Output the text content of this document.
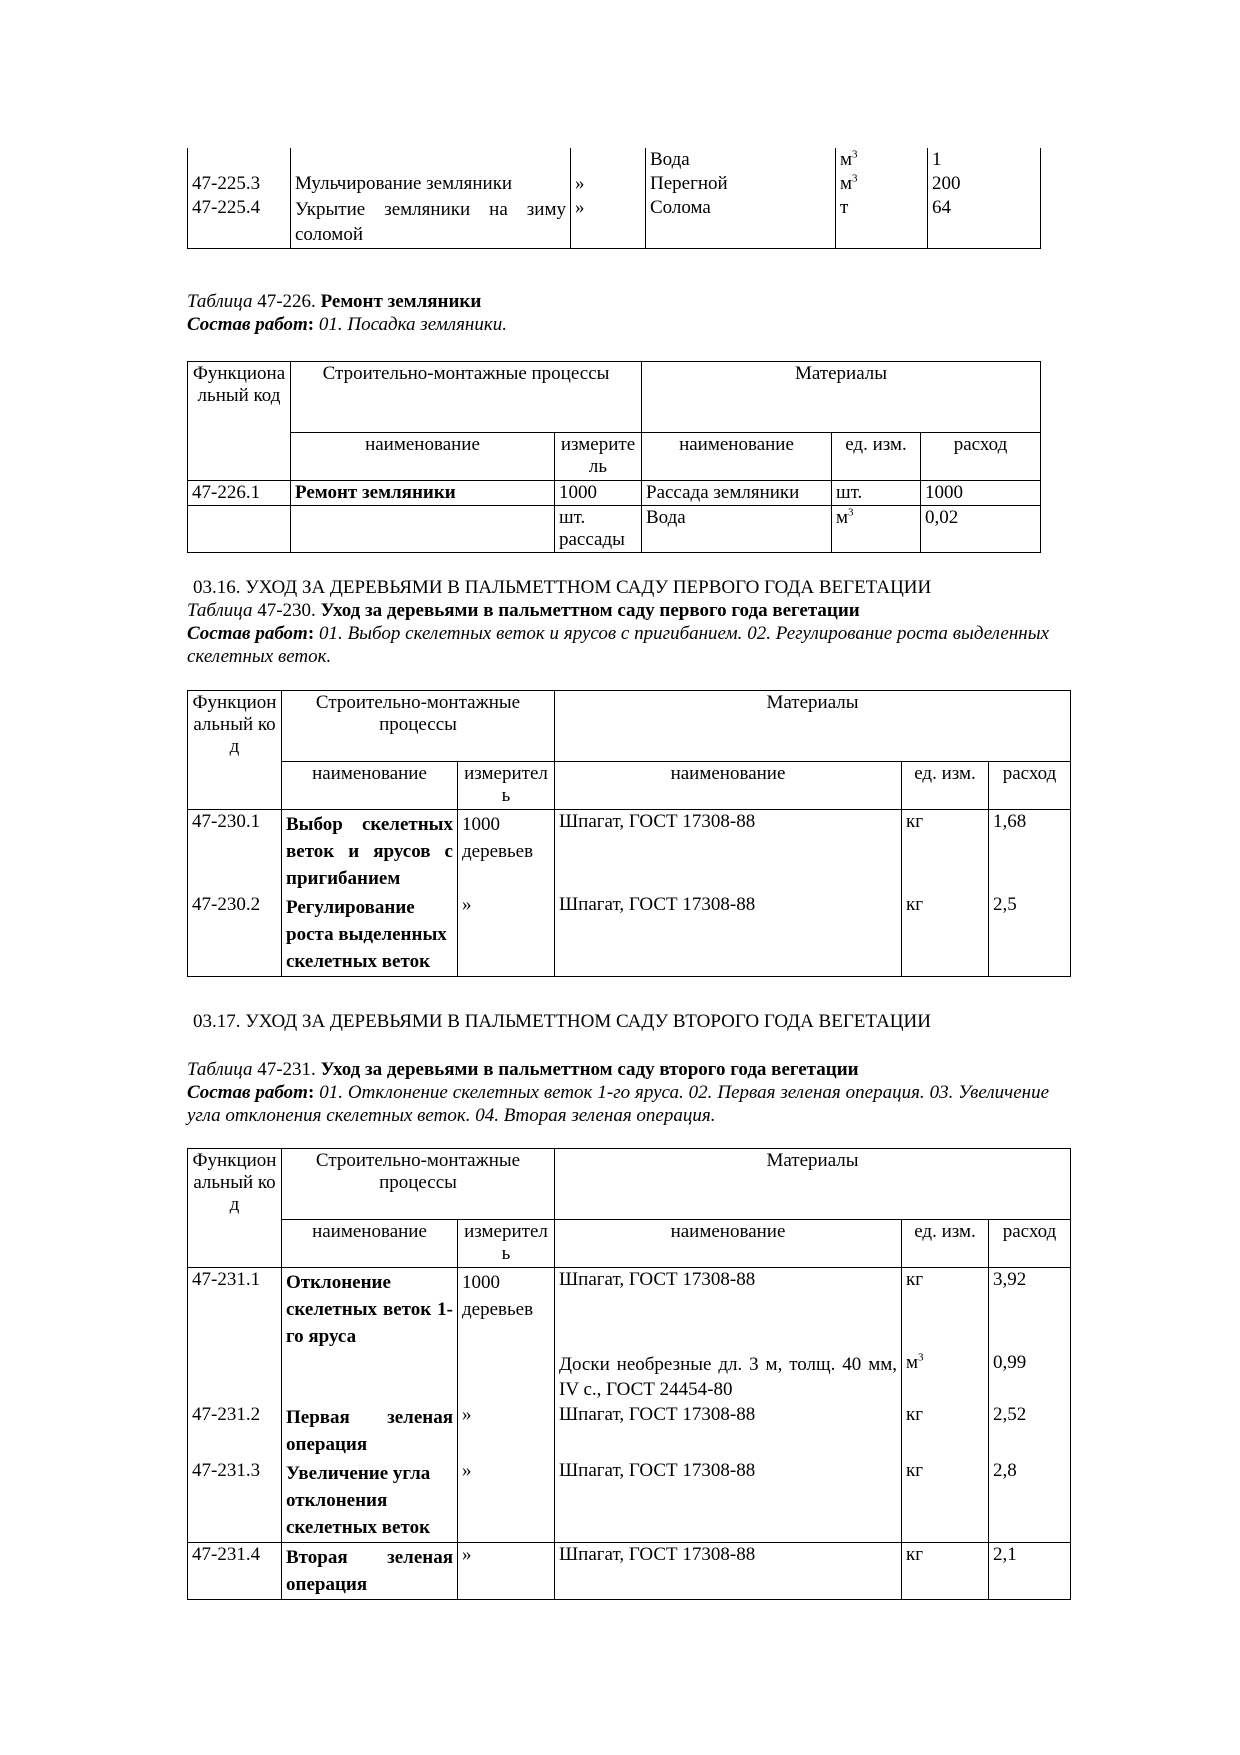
			Вода	$м^3$	1
47-225.3	Мульчирование земляники	»	Перегной	$м^3$	200
47-225.4	Укрытие земляники на зиму соломой	»	Солома	т	64
Таблица 47-226. Ремонт земляники
Состав работ: 01. Посадка земляники.
Функциональный код	Строительно-монтажные процессы		Материалы		
	наименование	измеритель	наименование	ед. изм.	расход
47-226.1	Ремонт земляники	1000	Рассада земляники	шт.	1000
		шт. рассады	Вода	$м^3$	0,02
03.16. УХОД ЗА ДЕРЕВЬЯМИ В ПАЛЬМЕТТНОМ САДУ ПЕРВОГО ГОДА ВЕГЕТАЦИИ
Таблица 47-230. Уход за деревьями в пальметтном саду первого года вегетации
Состав работ: 01. Выбор скелетных веток и ярусов с пригибанием. 02. Регулирование роста выделенных скелетных веток.
Функциональный код	Строительно-монтажные процессы		Материалы		
	наименование	измеритель	наименование	ед. изм.	расход
47-230.1	Выбор скелетных веток и ярусов с пригибанием	1000 деревьев	Шпагат, ГОСТ 17308-88	кг	1,68
47-230.2	Регулирование роста выделенных скелетных веток	»	Шпагат, ГОСТ 17308-88	кг	2,5
03.17. УХОД ЗА ДЕРЕВЬЯМИ В ПАЛЬМЕТТНОМ САДУ ВТОРОГО ГОДА ВЕГЕТАЦИИ
Таблица 47-231. Уход за деревьями в пальметтном саду второго года вегетации
Состав работ: 01. Отклонение скелетных веток 1-го яруса. 02. Первая зеленая операция. 03. Увеличение угла отклонения скелетных веток. 04. Вторая зеленая операция.
Функциональный код	Строительно-монтажные процессы		Материалы		
	наименование	измеритель	наименование	ед. изм.	расход
47-231.1	Отклонение скелетных веток 1-го яруса	1000 деревьев	Шпагат, ГОСТ 17308-88	кг	3,92
			Доски необрезные дл. 3 м, толщ. 40 мм, IV с., ГОСТ 24454-80	$м^3$	0,99
47-231.2	Первая зеленая операция	»	Шпагат, ГОСТ 17308-88	кг	2,52
47-231.3	Увеличение угла отклонения скелетных веток	»	Шпагат, ГОСТ 17308-88	кг	2,8
47-231.4	Вторая зеленая операция	»	Шпагат, ГОСТ 17308-88	кг	2,1
